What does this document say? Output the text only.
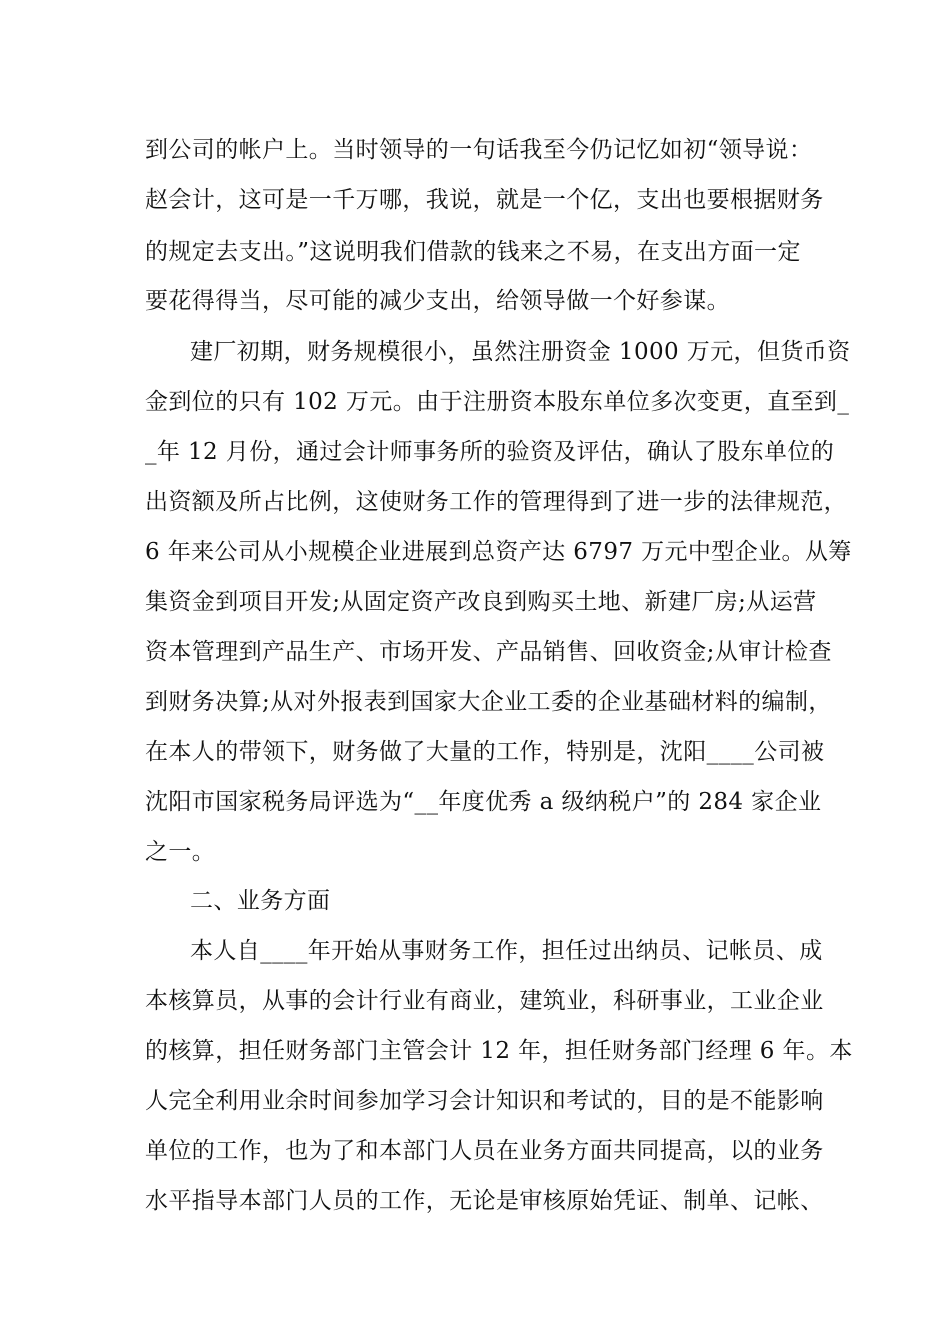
到公司的帐户上。当时领导的一句话我至今仍记忆如初“领导说：
赵会计，这可是一千万哪，我说，就是一个亿，支出也要根据财务
的规定去支出。”这说明我们借款的钱来之不易，在支出方面一定
要花得得当，尽可能的减少支出，给领导做一个好参谋。
建厂初期，财务规模很小，虽然注册资金 1000 万元，但货币资
金到位的只有 102 万元。由于注册资本股东单位多次变更，直至到_
_年 12 月份，通过会计师事务所的验资及评估，确认了股东单位的
出资额及所占比例，这使财务工作的管理得到了进一步的法律规范，
6 年来公司从小规模企业进展到总资产达 6797 万元中型企业。从筹
集资金到项目开发;从固定资产改良到购买土地、新建厂房;从运营
资本管理到产品生产、市场开发、产品销售、回收资金;从审计检查
到财务决算;从对外报表到国家大企业工委的企业基础材料的编制，
在本人的带领下，财务做了大量的工作，特别是，沈阳____公司被
沈阳市国家税务局评选为“__年度优秀 a 级纳税户”的 284 家企业
之一。
二、业务方面
本人自____年开始从事财务工作，担任过出纳员、记帐员、成
本核算员，从事的会计行业有商业，建筑业，科研事业，工业企业
的核算，担任财务部门主管会计 12 年，担任财务部门经理 6 年。本
人完全利用业余时间参加学习会计知识和考试的，目的是不能影响
单位的工作，也为了和本部门人员在业务方面共同提高，以的业务
水平指导本部门人员的工作，无论是审核原始凭证、制单、记帐、
